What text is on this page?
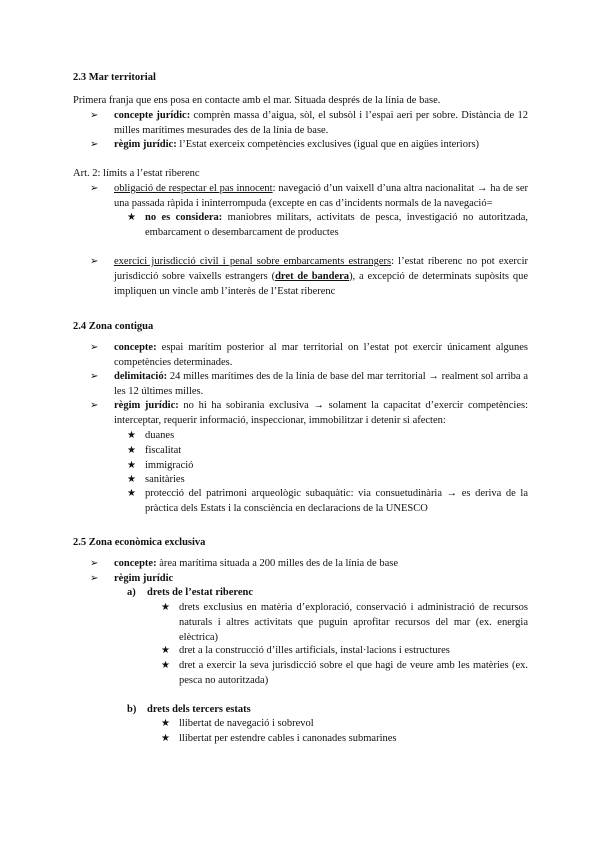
2.3 Mar territorial
Primera franja que ens posa en contacte amb el mar. Situada després de la línia de base.
➢	concepte jurídic: comprèn massa d’aigua, sòl, el subsòl i l’espai aeri per sobre. Distància de 12 milles marítimes mesurades des de la línia de base.
➢	règim jurídic: l’Estat exerceix competències exclusives (igual que en aigües interiors)
Art. 2: límits a l’estat riberenc
➢	obligació de respectar el pas innocent: navegació d’un vaixell d’una altra nacionalitat → ha de ser una passada ràpida i ininterrompuda (excepte en cas d’incidents normals de la navegació=
★ no es considera: maniobres militars, activitats de pesca, investigació no autoritzada, embarcament o desembarcament de productes
➢	exercici jurisdicció civil i penal sobre embarcaments estrangers: l’estat riberenc no pot exercir jurisdicció sobre vaixells estrangers (dret de bandera), a excepció de determinats supòsits que impliquen un vincle amb l’interès de l’Estat riberenc
2.4 Zona contigua
➢	concepte: espai marítim posterior al mar territorial on l’estat pot exercir únicament algunes competències determinades.
➢	delimitació: 24 milles marítimes des de la línia de base del mar territorial → realment sol arriba a les 12 últimes milles.
➢	règim jurídic: no hi ha sobirania exclusiva → solament la capacitat d’exercir competències: interceptar, requerir informació, inspeccionar, immobilitzar i detenir si afecten:
★ duanes
★ fiscalitat
★ immigració
★ sanitàries
★ protecció del patrimoni arqueològic subaquàtic: via consuetudinària → es deriva de la pràctica dels Estats i la consciència en declaracions de la UNESCO
2.5 Zona econòmica exclusiva
➢	concepte: àrea marítima situada a 200 milles des de la línia de base
➢	règim jurídic
a)	drets de l’estat riberenc
★ drets exclusius en matèria d’exploració, conservació i administració de recursos naturals i altres activitats que puguin aprofitar recursos del mar (ex. energia elèctrica)
★ dret a la construcció d’illes artificials, instal·lacions i estructures
★ dret a exercir la seva jurisdicció sobre el que hagi de veure amb les matèries (ex. pesca no autoritzada)
b)	drets dels tercers estats
★ llibertat de navegació i sobrevol
★ llibertat per estendre cables i canonades submarines
